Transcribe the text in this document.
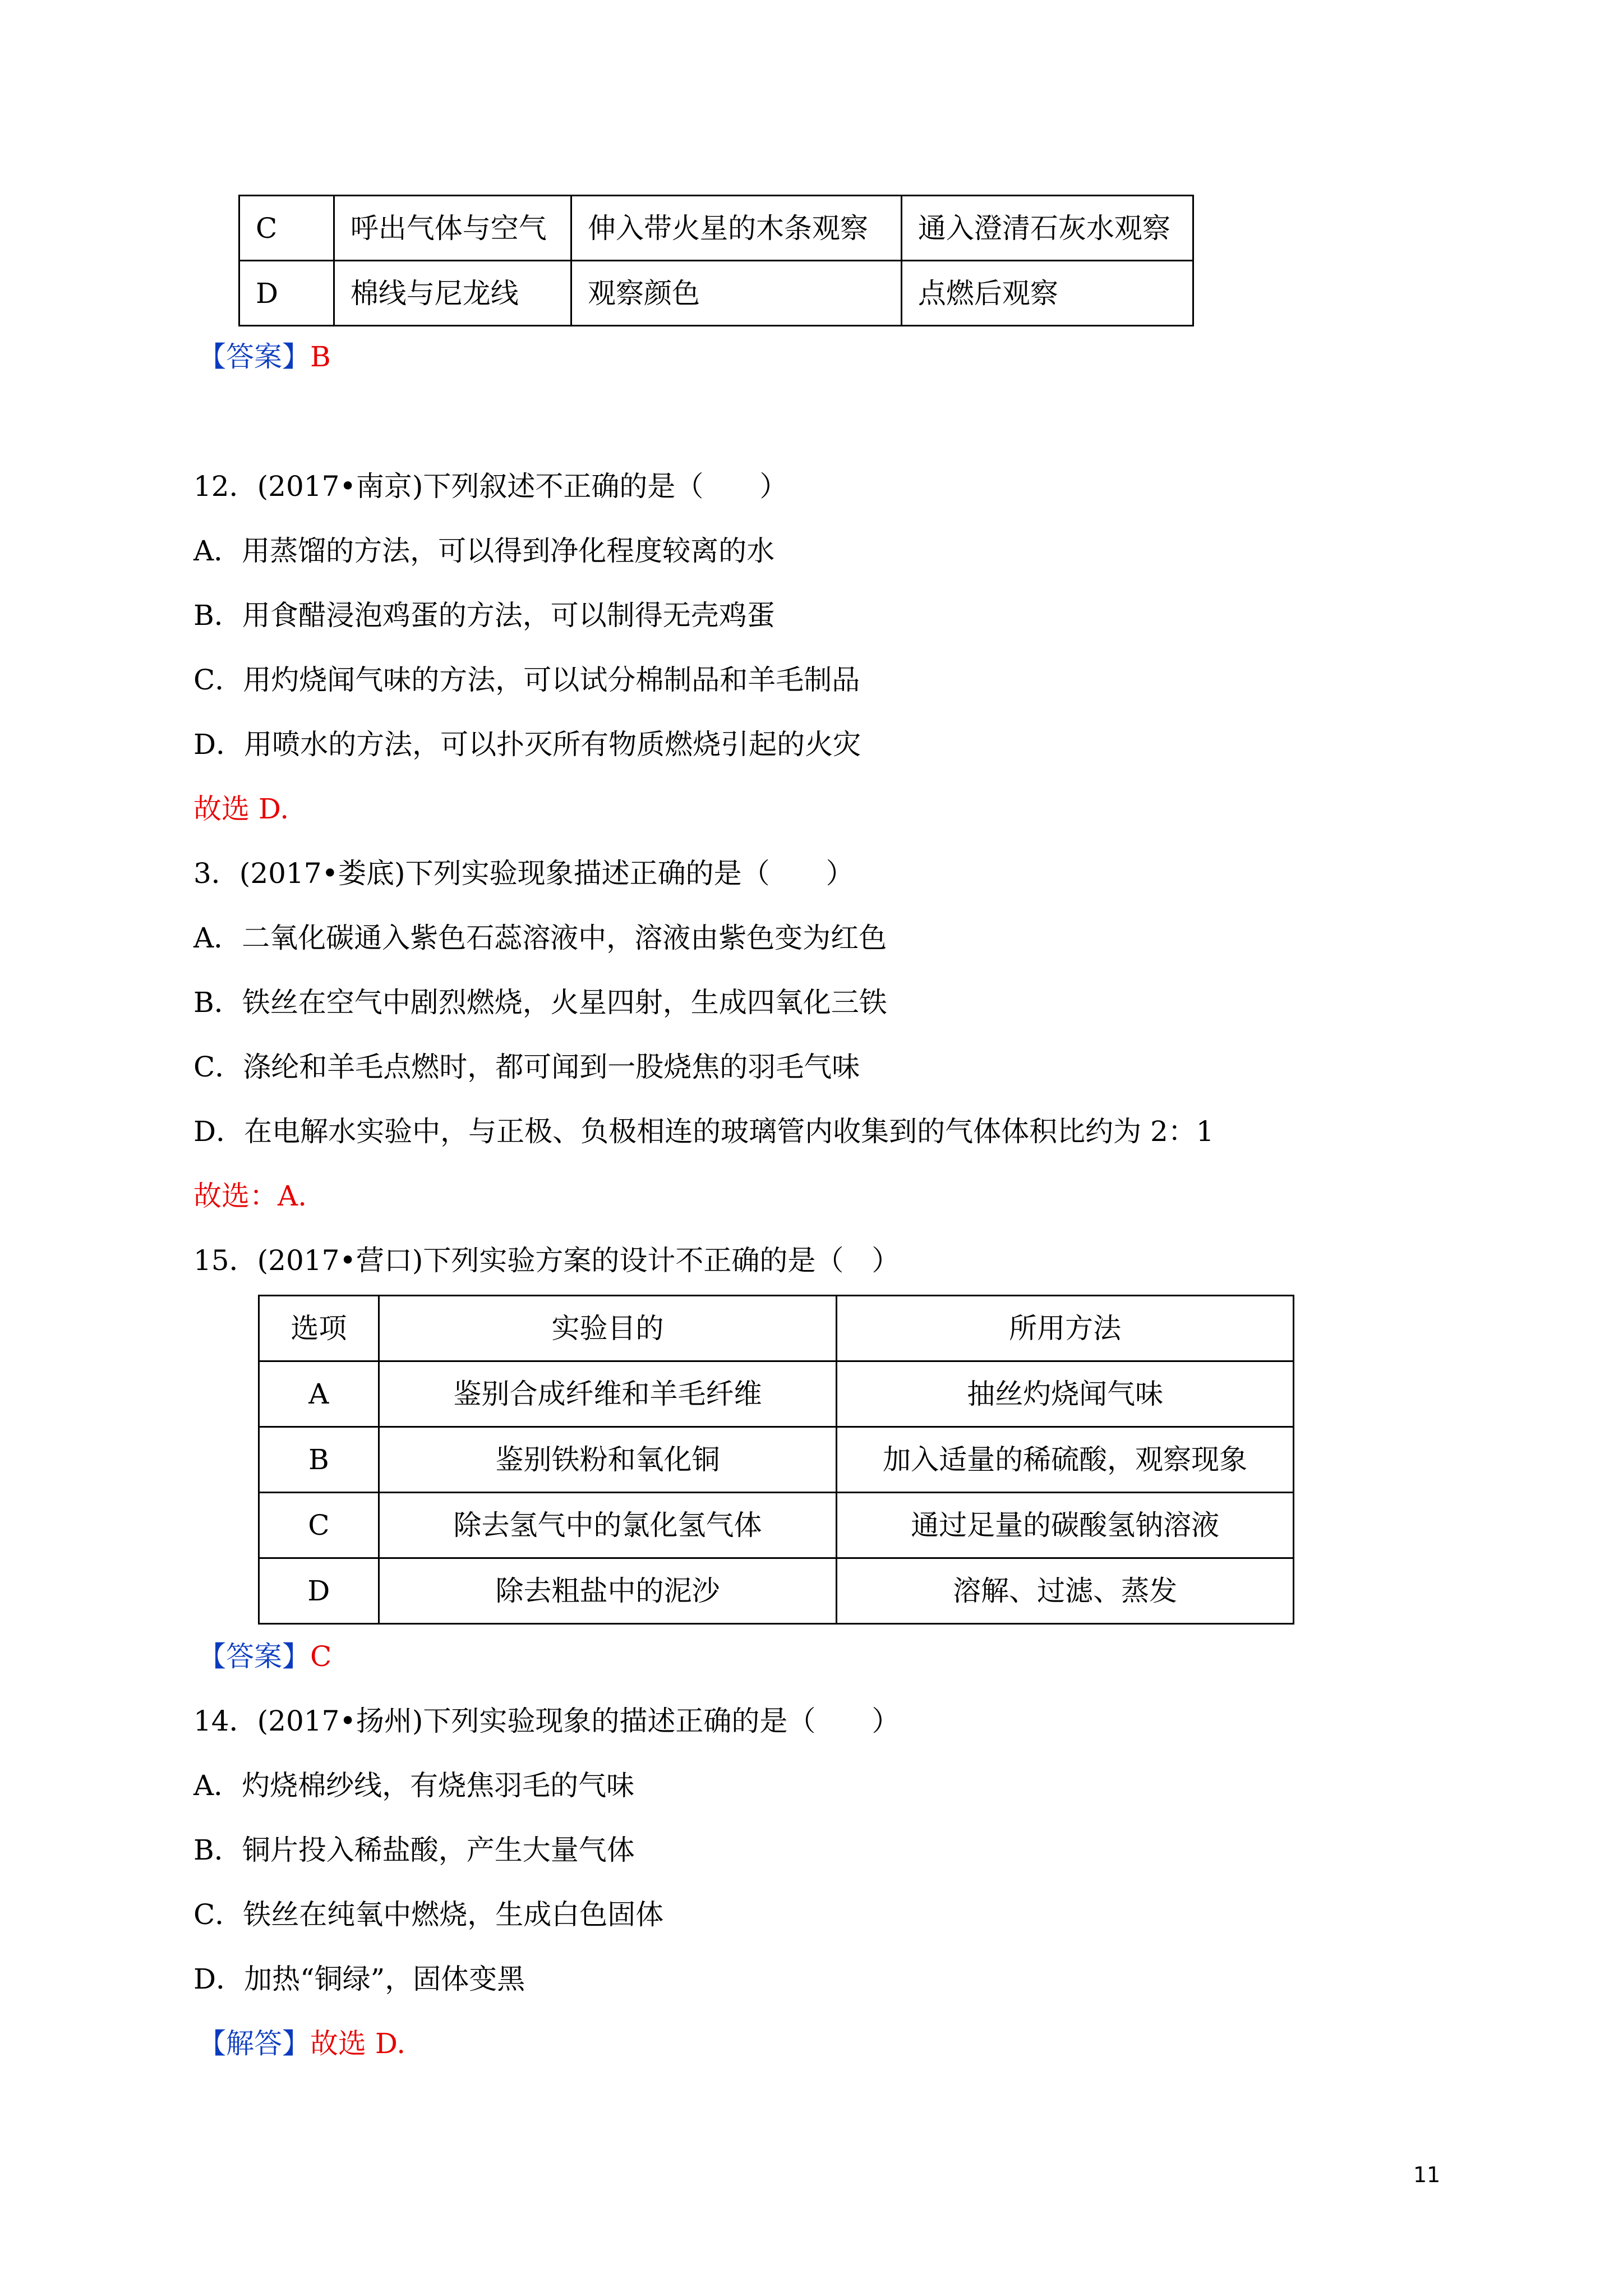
C	呼出气体与空气	伸入带火星的木条观察	通入澄清石灰水观察
D	棉线与尼龙线	观察颜色	点燃后观察
【答案】B
12．(2017•南京)下列叙述不正确的是（　　）
A．用蒸馏的方法，可以得到净化程度较离的水
B．用食醋浸泡鸡蛋的方法，可以制得无壳鸡蛋
C．用灼烧闻气味的方法，可以试分棉制品和羊毛制品
D．用喷水的方法，可以扑灭所有物质燃烧引起的火灾
故选 D.
3．(2017•娄底)下列实验现象描述正确的是（　　）
A．二氧化碳通入紫色石蕊溶液中，溶液由紫色变为红色
B．铁丝在空气中剧烈燃烧，火星四射，生成四氧化三铁
C．涤纶和羊毛点燃时，都可闻到一股烧焦的羽毛气味
D．在电解水实验中，与正极、负极相连的玻璃管内收集到的气体体积比约为 2：1
故选：A.
15．(2017•营口)下列实验方案的设计不正确的是（　）
选项	实验目的	所用方法
A	鉴别合成纤维和羊毛纤维	抽丝灼烧闻气味
B	鉴别铁粉和氧化铜	加入适量的稀硫酸，观察现象
C	除去氢气中的氯化氢气体	通过足量的碳酸氢钠溶液
D	除去粗盐中的泥沙	溶解、过滤、蒸发
【答案】C
14．(2017•扬州)下列实验现象的描述正确的是（　　）
A．灼烧棉纱线，有烧焦羽毛的气味
B．铜片投入稀盐酸，产生大量气体
C．铁丝在纯氧中燃烧，生成白色固体
D．加热“铜绿”，固体变黑
【解答】故选 D.
11
